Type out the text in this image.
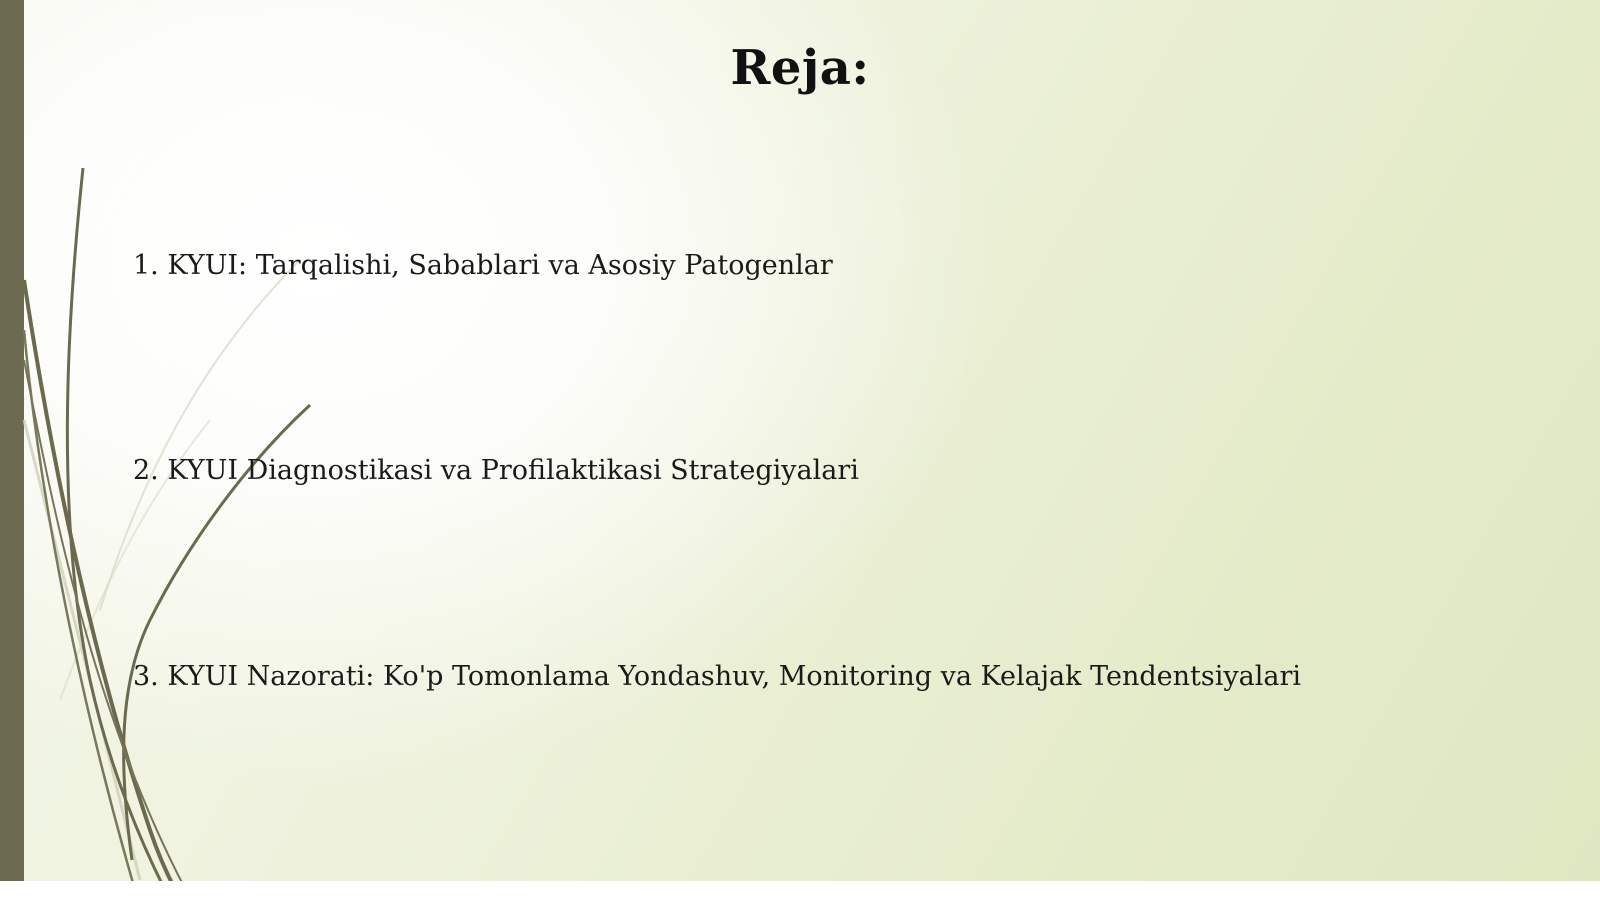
Reja:
1. KYUI: Tarqalishi, Sabablari va Asosiy Patogenlar
2. KYUI Diagnostikasi va Profilaktikasi Strategiyalari
3. KYUI Nazorati: Ko'p Tomonlama Yondashuv, Monitoring va Kelajak Tendentsiyalari
